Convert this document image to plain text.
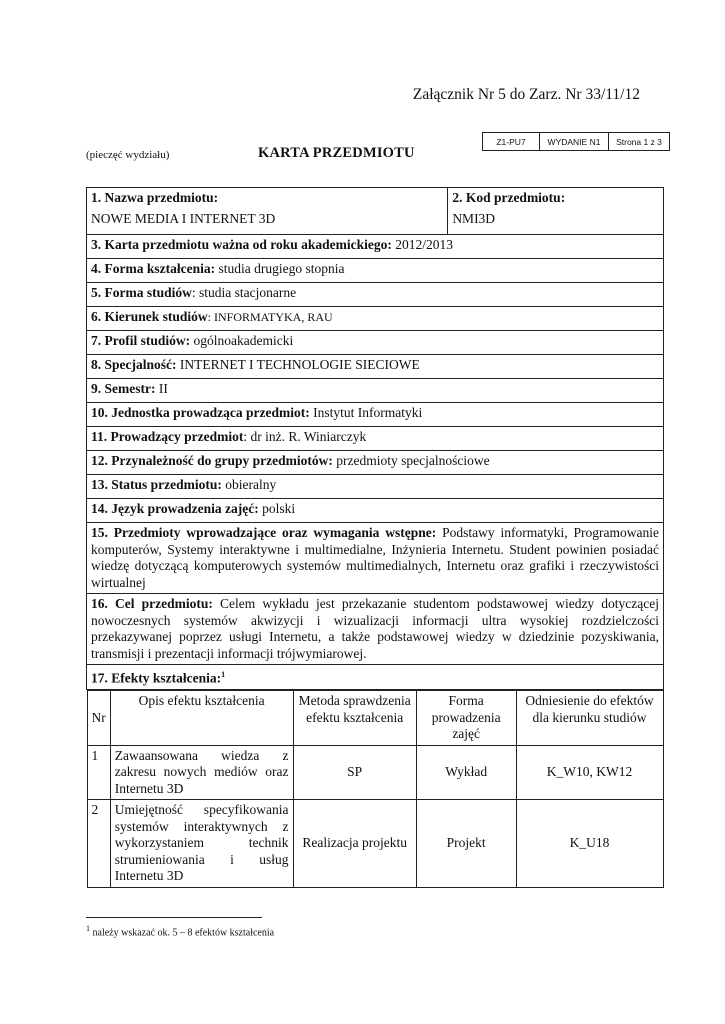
Załącznik Nr 5 do Zarz. Nr 33/11/12
(pieczęć wydziału)	KARTA PRZEDMIOTU
Z1-PU7	WYDANIE N1	Strona 1 z 3
1. Nazwa przedmiotu:
NOWE MEDIA I INTERNET 3D

2. Kod przedmiotu:
NMI3D

3. Karta przedmiotu ważna od roku akademickiego: 2012/2013
4. Forma kształcenia: studia drugiego stopnia
5. Forma studiów: studia stacjonarne
6. Kierunek studiów: INFORMATYKA, RAU
7. Profil studiów: ogólnoakademicki
8. Specjalność: INTERNET I TECHNOLOGIE SIECIOWE
9. Semestr: II
10. Jednostka prowadząca przedmiot: Instytut Informatyki
11. Prowadzący przedmiot: dr inż. R. Winiarczyk
12. Przynależność do grupy przedmiotów: przedmioty specjalnościowe
13. Status przedmiotu: obieralny
14. Język prowadzenia zajęć: polski
15. Przedmioty wprowadzające oraz wymagania wstępne: Podstawy informatyki, Programowanie komputerów, Systemy interaktywne i multimedialne, Inżynieria Internetu. Student powinien posiadać wiedzę dotyczącą komputerowych systemów multimedialnych, Internetu oraz grafiki i rzeczywistości wirtualnej
16. Cel przedmiotu: Celem wykładu jest przekazanie studentom podstawowej wiedzy dotyczącej nowoczesnych systemów akwizycji i wizualizacji informacji ultra wysokiej rozdzielczości przekazywanej poprzez usługi Internetu, a także podstawowej wiedzy w dziedzinie pozyskiwania, transmisji i prezentacji informacji trójwymiarowej.
17. Efekty kształcenia:$^1$

Nr	Opis efektu kształcenia	Metoda sprawdzenia efektu kształcenia	Forma prowadzenia zajęć	Odniesienie do efektów dla kierunku studiów
1	Zawaansowana wiedza z zakresu nowych mediów oraz Internetu 3D	SP	Wykład	K_W10, KW12
2	Umiejętność specyfikowania systemów interaktywnych z wykorzystaniem technik strumieniowania i usług Internetu 3D	Realizacja projektu	Projekt	K_U18
$^1$ należy wskazać ok. 5 – 8 efektów kształcenia
